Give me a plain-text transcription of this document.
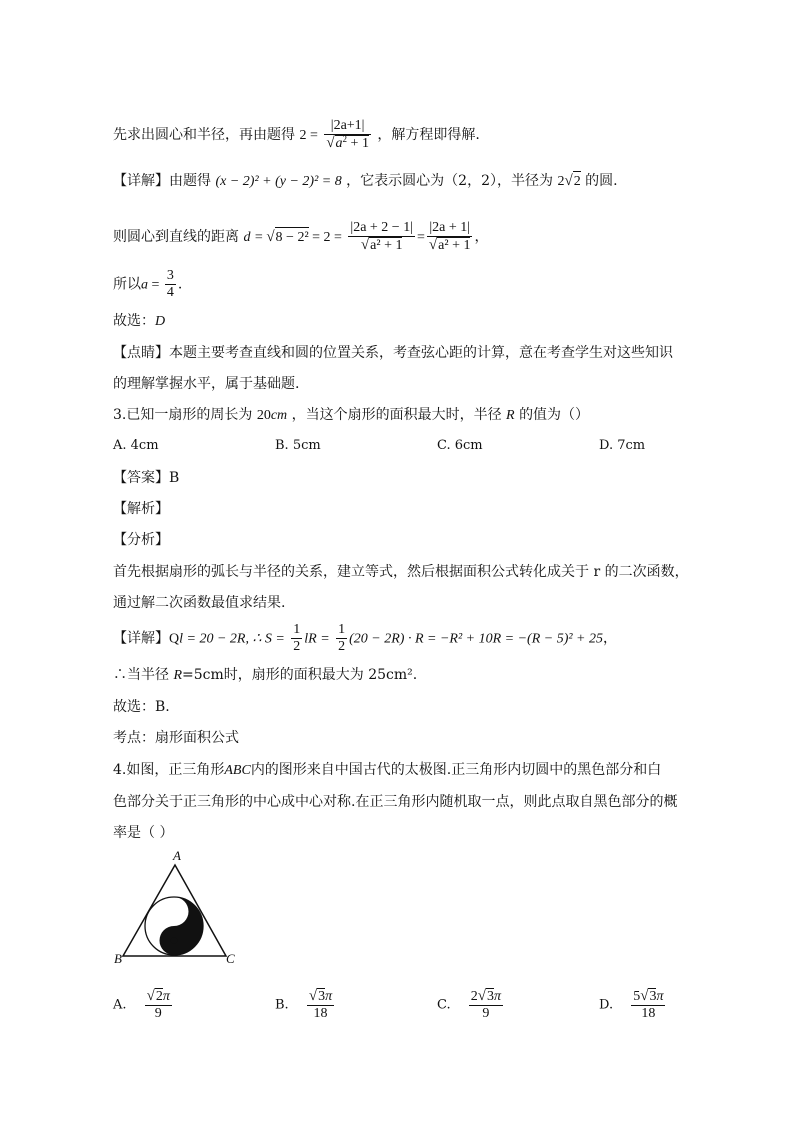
先求出圆心和半径，再由题得 $2 = \frac{|2a+1|}{√a^2 + 1}$ ，解方程即得解.
【详解】由题得 (x − 2)² + (y − 2)² = 8 ，它表示圆心为（2，2），半径为 2√2 的圆.
则圆心到直线的距离 $d = √8 - 2^2 = 2 = \frac{|2a + 2 - 1|}{\text{√a² + 1}} = \frac{|2a + 1|}{\text{√a² + 1}}$ ，
所以$a = \frac{3}{4}$ .
故选：D
【点睛】本题主要考查直线和圆的位置关系，考查弦心距的计算，意在考查学生对这些知识
的理解掌握水平，属于基础题.
3.已知一扇形的周长为 20cm ，当这个扇形的面积最大时，半径 R 的值为（）
A. 4cm	B. 5cm	C. 6cm	D. 7cm
【答案】B
【解析】
【分析】
首先根据扇形的弧长与半径的关系，建立等式，然后根据面积公式转化成关于 r 的二次函数，
通过解二次函数最值求结果.
【详解】Ql = 20 − 2R, ∴ $S = \frac{1}{2}$ lR = $\frac{1}{2} (20 - 2R) \cdot R = -R^2 + 10R = -(R - 5)^2 + 25$，
∴当半径 R=5cm时，扇形的面积最大为 25cm².
故选：B.
考点：扇形面积公式
4.如图，正三角形ABC内的图形来自中国古代的太极图.正三角形内切圆中的黑色部分和白
色部分关于正三角形的中心成中心对称.在正三角形内随机取一点，则此点取自黑色部分的概
率是（ ）
A
B	C
A. $\frac{√2\pi}{9}$	B. $\frac{√3\pi}{18}$	C. $\frac{2√3\pi}{9}$	D. $\frac{5√3\pi}{18}$
